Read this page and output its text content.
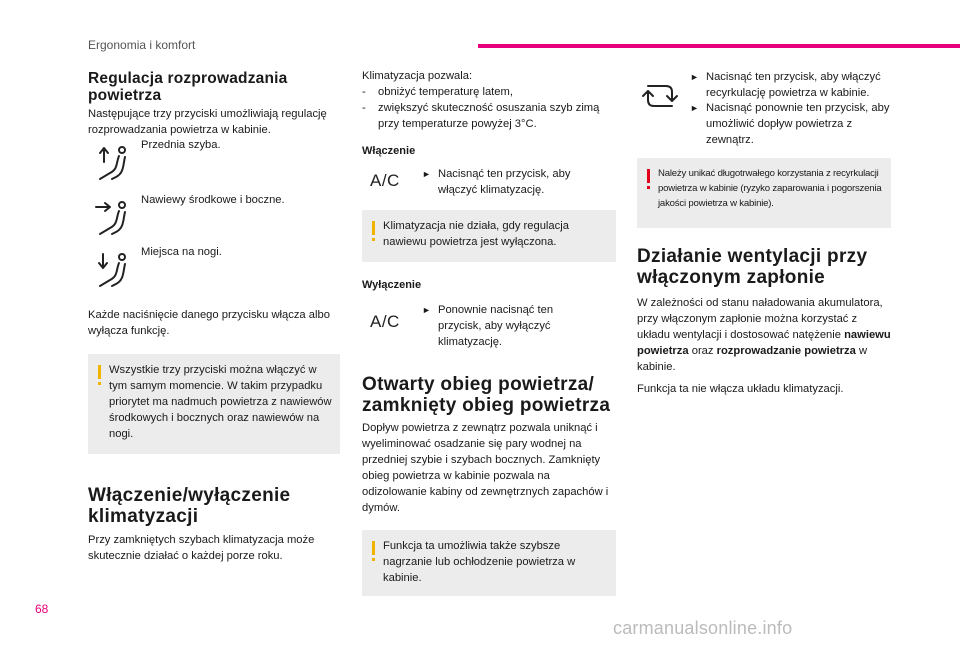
Ergonomia i komfort
Regulacja rozprowadzania powietrza
Następujące trzy przyciski umożliwiają regulację rozprowadzania powietrza w kabinie.
Przednia szyba.
Nawiewy środkowe i boczne.
Miejsca na nogi.
Każde naciśnięcie danego przycisku włącza albo wyłącza funkcję.
Wszystkie trzy przyciski można włączyć w tym samym momencie. W takim przypadku priorytet ma nadmuch powietrza z nawiewów środkowych i bocznych oraz nawiewów na nogi.
Włączenie/wyłączenie klimatyzacji
Przy zamkniętych szybach klimatyzacja może skutecznie działać o każdej porze roku.
Klimatyzacja pozwala:
- obniżyć temperaturę latem,
-	zwiększyć skuteczność osuszania szyb zimą przy temperaturze powyżej 3°C.
Włączenie
A/C ► Nacisnąć ten przycisk, aby włączyć klimatyzację.
Klimatyzacja nie działa, gdy regulacja nawiewu powietrza jest wyłączona.
Wyłączenie
A/C
► Ponownie nacisnąć ten przycisk, aby wyłączyć klimatyzację.
Otwarty obieg powietrza/ zamknięty obieg powietrza
Dopływ powietrza z zewnątrz pozwala uniknąć i wyeliminować osadzanie się pary wodnej na przedniej szybie i szybach bocznych. Zamknięty obieg powietrza w kabinie pozwala na odizolowanie kabiny od zewnętrznych zapachów i dymów.
Funkcja ta umożliwia także szybsze nagrzanie lub ochłodzenie powietrza w kabinie.
► Nacisnąć ten przycisk, aby włączyć recyrkulację powietrza w kabinie.
► Nacisnąć ponownie ten przycisk, aby umożliwić dopływ powietrza z zewnątrz.
Należy unikać długotrwałego korzystania z recyrkulacji powietrza w kabinie (ryzyko zaparowania i pogorszenia jakości powietrza w kabinie).
Działanie wentylacji przy włączonym zapłonie
W zależności od stanu naładowania akumulatora, przy włączonym zapłonie można korzystać z układu wentylacji i dostosować natężenie nawiewu powietrza oraz rozprowadzanie powietrza w kabinie.
Funkcja ta nie włącza układu klimatyzacji.
68
carmanualsonline.info
